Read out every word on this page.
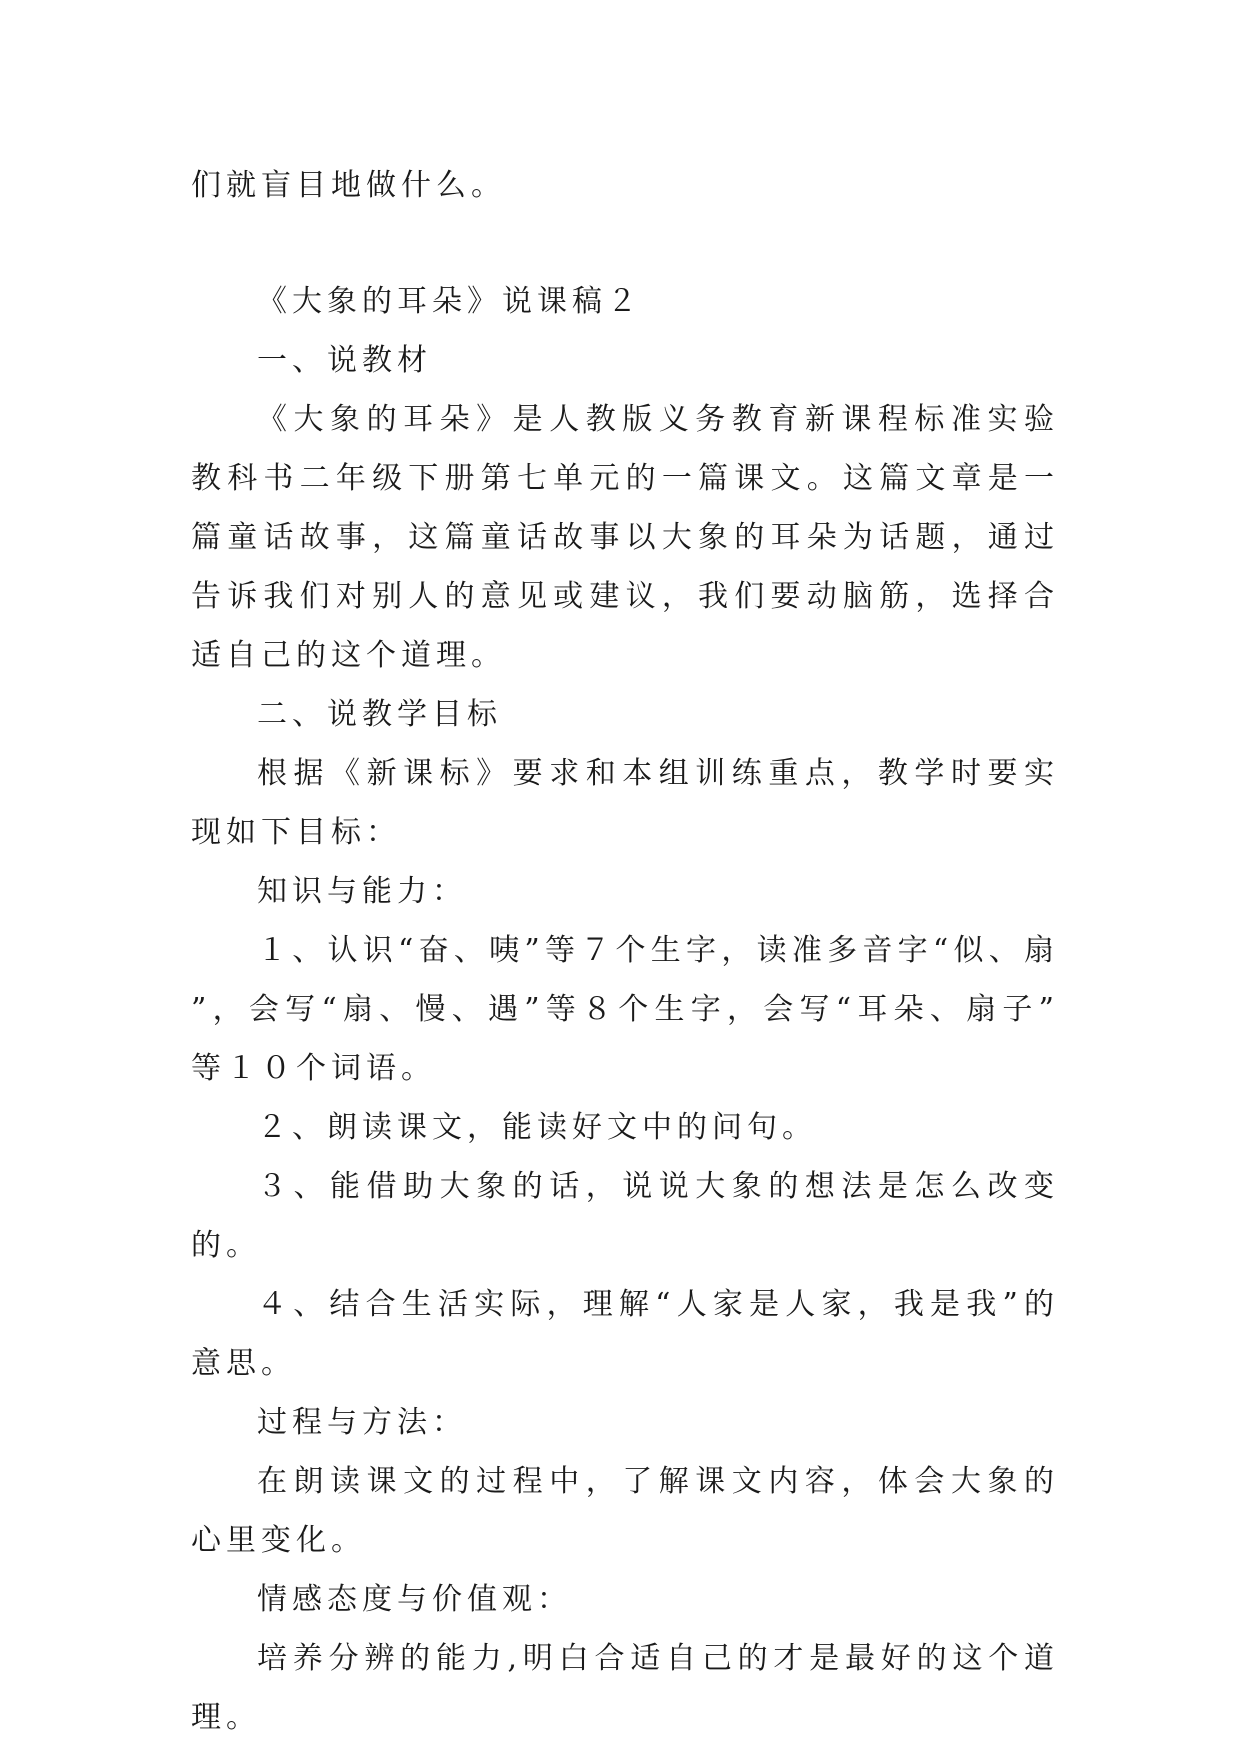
们就盲目地做什么。

《大象的耳朵》说课稿２

一、说教材

《大象的耳朵》是人教版义务教育新课程标准实验教科书二年级下册第七单元的一篇课文。这篇文章是一篇童话故事，这篇童话故事以大象的耳朵为话题，通过告诉我们对别人的意见或建议，我们要动脑筋，选择合适自己的这个道理。

二、说教学目标

根据《新课标》要求和本组训练重点，教学时要实现如下目标：

知识与能力：

１、认识“奋、咦”等７个生字，读准多音字“似、扇”，会写“扇、慢、遇”等８个生字，会写“耳朵、扇子”等１０个词语。

２、朗读课文，能读好文中的问句。

３、能借助大象的话，说说大象的想法是怎么改变的。

４、结合生活实际，理解“人家是人家，我是我”的意思。

过程与方法：

在朗读课文的过程中，了解课文内容，体会大象的心里变化。

情感态度与价值观：

培养分辨的能力,明白合适自己的才是最好的这个道理。
